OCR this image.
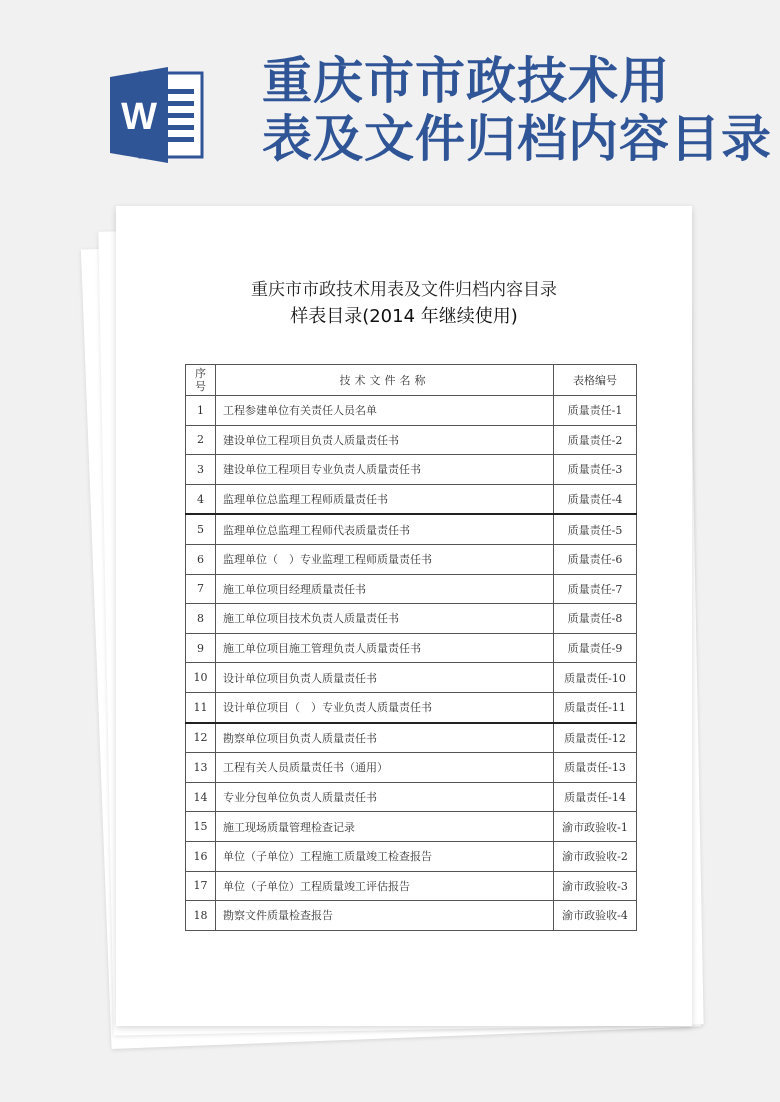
W
重庆市市政技术用
表及文件归档内容目录
重庆市市政技术用表及文件归档内容目录
样表目录(2014 年继续使用)
序
号	技术文件名称	表格编号
1	工程参建单位有关责任人员名单	质量责任-1
2	建设单位工程项目负责人质量责任书	质量责任-2
3	建设单位工程项目专业负责人质量责任书	质量责任-3
4	监理单位总监理工程师质量责任书	质量责任-4
5	监理单位总监理工程师代表质量责任书	质量责任-5
6	监理单位（　）专业监理工程师质量责任书	质量责任-6
7	施工单位项目经理质量责任书	质量责任-7
8	施工单位项目技术负责人质量责任书	质量责任-8
9	施工单位项目施工管理负责人质量责任书	质量责任-9
10	设计单位项目负责人质量责任书	质量责任-10
11	设计单位项目（　）专业负责人质量责任书	质量责任-11
12	勘察单位项目负责人质量责任书	质量责任-12
13	工程有关人员质量责任书（通用）	质量责任-13
14	专业分包单位负责人质量责任书	质量责任-14
15	施工现场质量管理检查记录	渝市政验收-1
16	单位（子单位）工程施工质量竣工检查报告	渝市政验收-2
17	单位（子单位）工程质量竣工评估报告	渝市政验收-3
18	勘察文件质量检查报告	渝市政验收-4
